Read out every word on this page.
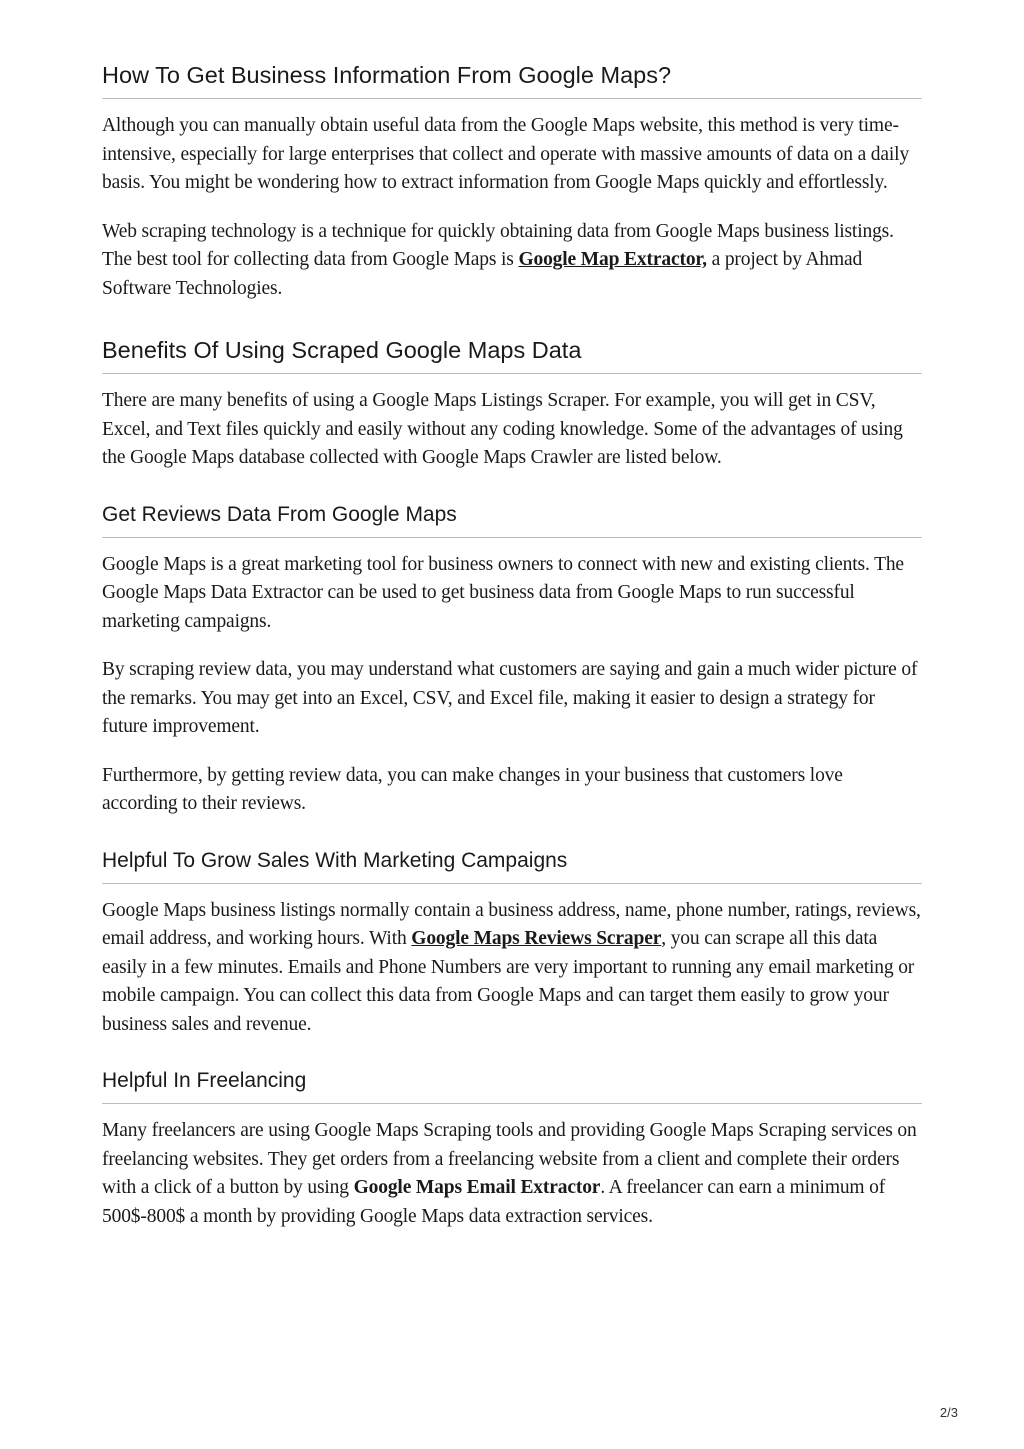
How To Get Business Information From Google Maps?

Although you can manually obtain useful data from the Google Maps website, this method is very time-intensive, especially for large enterprises that collect and operate with massive amounts of data on a daily basis. You might be wondering how to extract information from Google Maps quickly and effortlessly.

Web scraping technology is a technique for quickly obtaining data from Google Maps business listings. The best tool for collecting data from Google Maps is Google Map Extractor, a project by Ahmad Software Technologies.

Benefits Of Using Scraped Google Maps Data

There are many benefits of using a Google Maps Listings Scraper. For example, you will get in CSV, Excel, and Text files quickly and easily without any coding knowledge. Some of the advantages of using the Google Maps database collected with Google Maps Crawler are listed below.

Get Reviews Data From Google Maps

Google Maps is a great marketing tool for business owners to connect with new and existing clients. The Google Maps Data Extractor can be used to get business data from Google Maps to run successful marketing campaigns.

By scraping review data, you may understand what customers are saying and gain a much wider picture of the remarks. You may get into an Excel, CSV, and Excel file, making it easier to design a strategy for future improvement.

Furthermore, by getting review data, you can make changes in your business that customers love according to their reviews.

Helpful To Grow Sales With Marketing Campaigns

Google Maps business listings normally contain a business address, name, phone number, ratings, reviews, email address, and working hours. With Google Maps Reviews Scraper, you can scrape all this data easily in a few minutes. Emails and Phone Numbers are very important to running any email marketing or mobile campaign. You can collect this data from Google Maps and can target them easily to grow your business sales and revenue.

Helpful In Freelancing

Many freelancers are using Google Maps Scraping tools and providing Google Maps Scraping services on freelancing websites. They get orders from a freelancing website from a client and complete their orders with a click of a button by using Google Maps Email Extractor. A freelancer can earn a minimum of 500$-800$ a month by providing Google Maps data extraction services.

2/3
